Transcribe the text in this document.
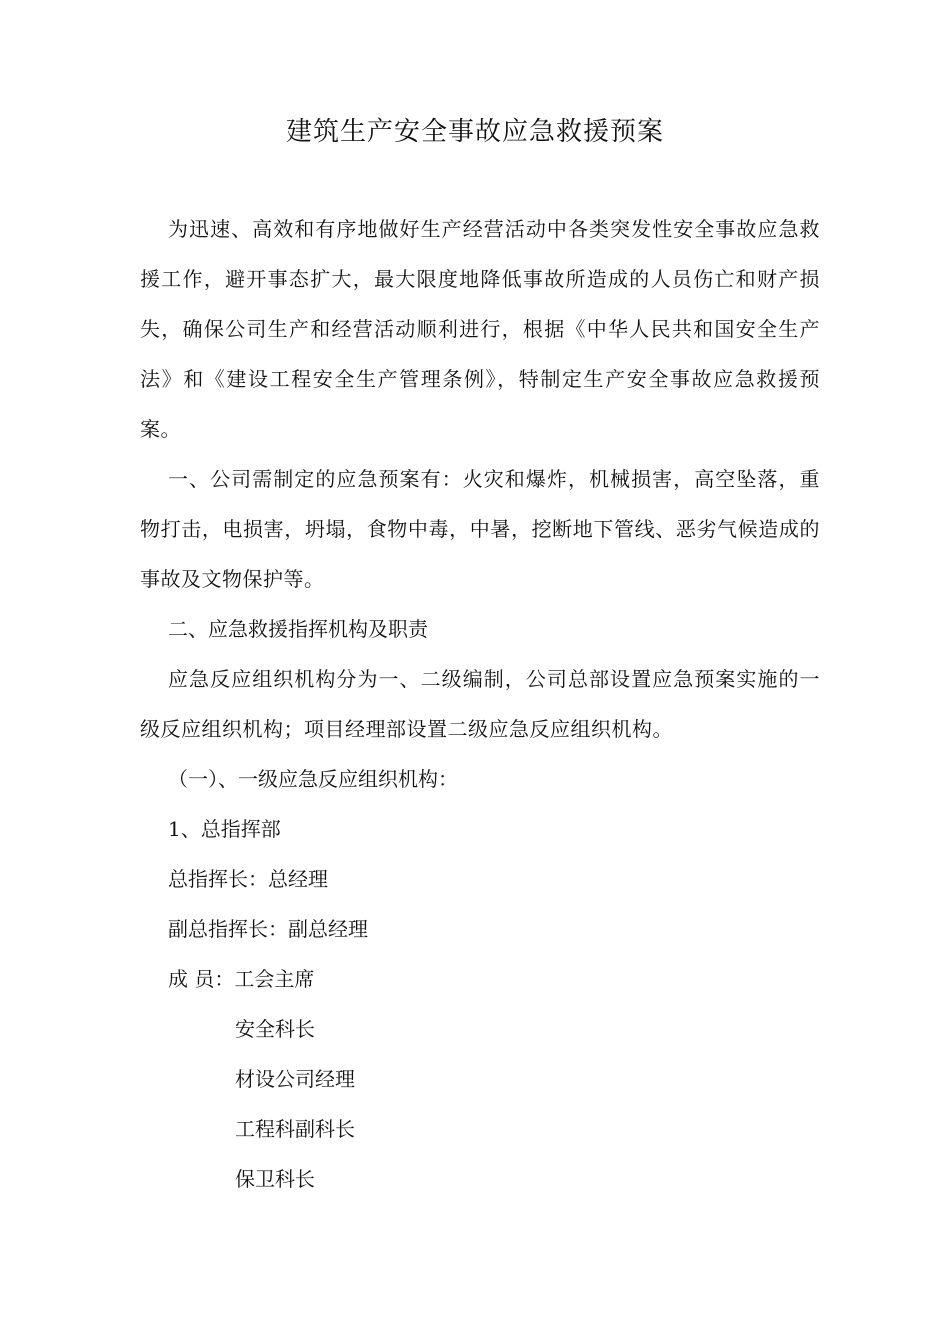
建筑生产安全事故应急救援预案

为迅速、高效和有序地做好生产经营活动中各类突发性安全事故应急救援工作，避开事态扩大，最大限度地降低事故所造成的人员伤亡和财产损失，确保公司生产和经营活动顺利进行，根据《中华人民共和国安全生产法》和《建设工程安全生产管理条例》，特制定生产安全事故应急救援预案。

一、公司需制定的应急预案有：火灾和爆炸，机械损害，高空坠落，重物打击，电损害，坍塌，食物中毒，中暑，挖断地下管线、恶劣气候造成的事故及文物保护等。

二、应急救援指挥机构及职责

应急反应组织机构分为一、二级编制，公司总部设置应急预案实施的一级反应组织机构；项目经理部设置二级应急反应组织机构。

（一）、一级应急反应组织机构：

1、总指挥部

总指挥长：总经理

副总指挥长：副总经理

成 员：工会主席

安全科长

材设公司经理

工程科副科长

保卫科长
